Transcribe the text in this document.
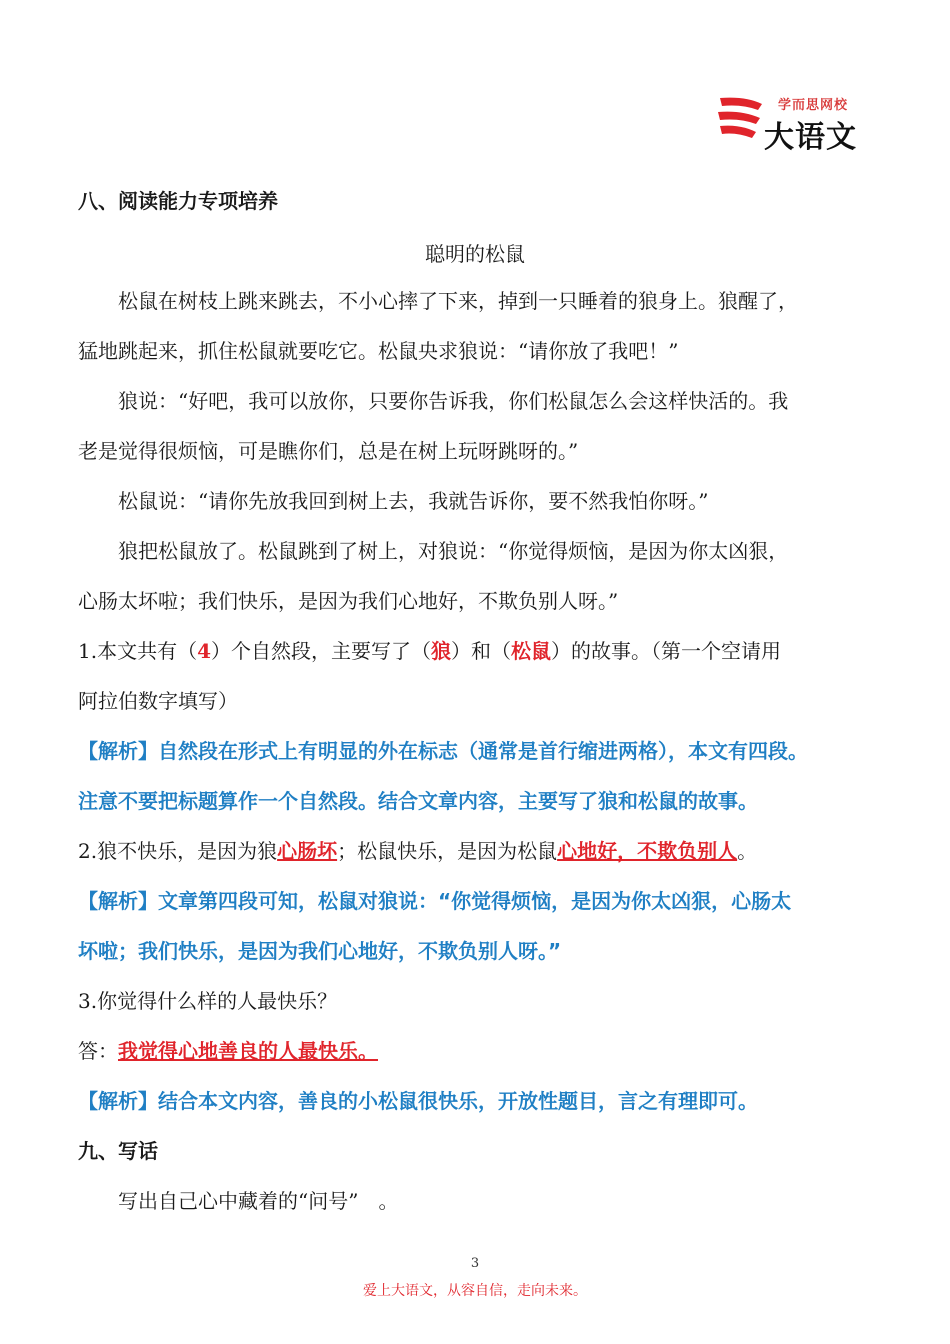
学而思网校
大语文
八、阅读能力专项培养
聪明的松鼠
松鼠在树枝上跳来跳去，不小心摔了下来，掉到一只睡着的狼身上。狼醒了，
猛地跳起来，抓住松鼠就要吃它。松鼠央求狼说：“请你放了我吧！”
狼说：“好吧，我可以放你，只要你告诉我，你们松鼠怎么会这样快活的。我
老是觉得很烦恼，可是瞧你们，总是在树上玩呀跳呀的。”
松鼠说：“请你先放我回到树上去，我就告诉你，要不然我怕你呀。”
狼把松鼠放了。松鼠跳到了树上，对狼说：“你觉得烦恼，是因为你太凶狠，
心肠太坏啦；我们快乐，是因为我们心地好，不欺负别人呀。”
1.本文共有（4）个自然段，主要写了（狼）和（松鼠）的故事。（第一个空请用
阿拉伯数字填写）
【解析】自然段在形式上有明显的外在标志（通常是首行缩进两格），本文有四段。
注意不要把标题算作一个自然段。结合文章内容，主要写了狼和松鼠的故事。
2.狼不快乐，是因为狼心肠坏；松鼠快乐，是因为松鼠心地好，不欺负别人。
【解析】文章第四段可知，松鼠对狼说：“你觉得烦恼，是因为你太凶狠，心肠太
坏啦；我们快乐，是因为我们心地好，不欺负别人呀。”
3.你觉得什么样的人最快乐？
答：我觉得心地善良的人最快乐。
【解析】结合本文内容，善良的小松鼠很快乐，开放性题目，言之有理即可。
九、写话
写出自己心中藏着的“问号”　。
3
爱上大语文，从容自信，走向未来。
